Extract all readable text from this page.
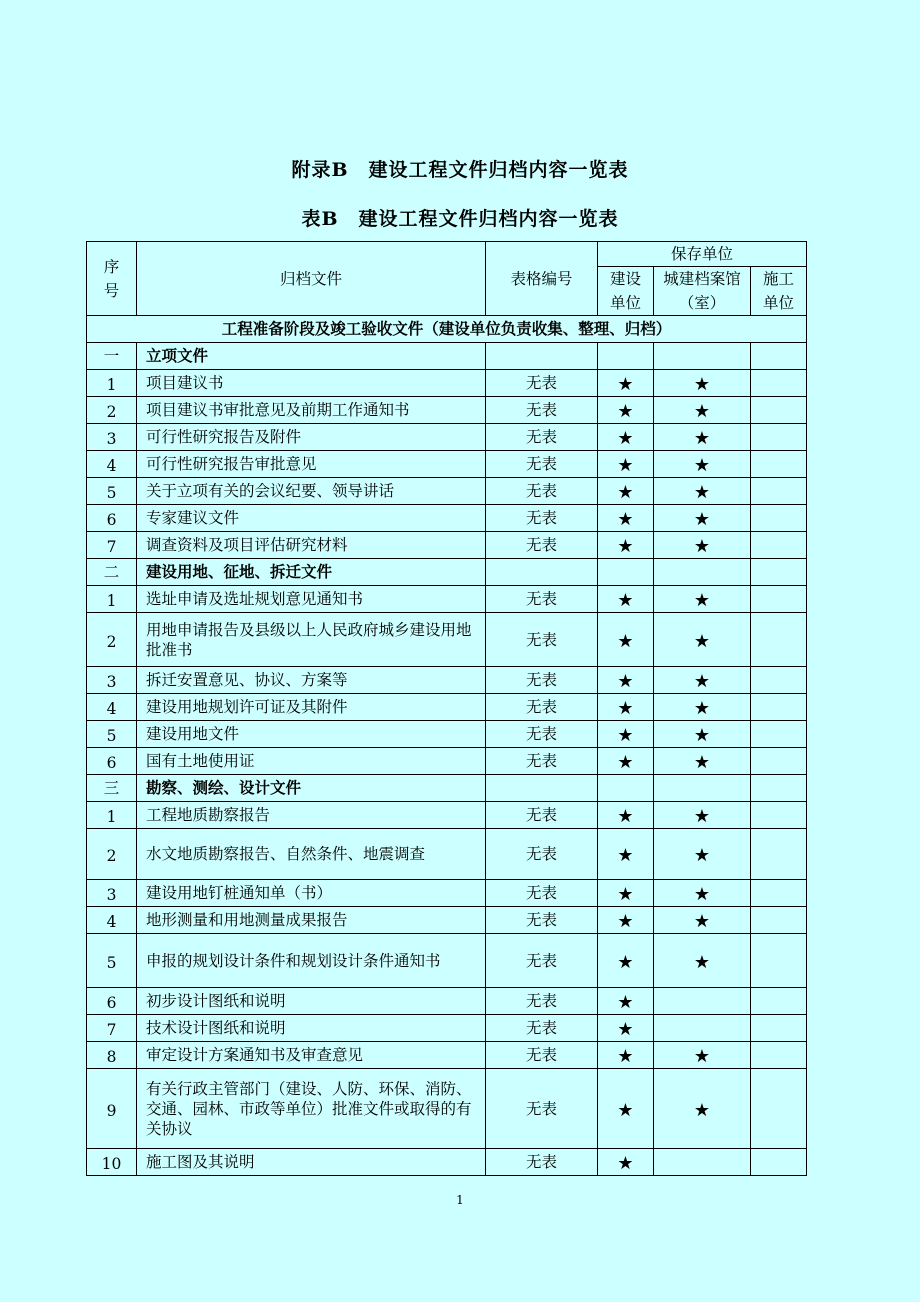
附录B　建设工程文件归档内容一览表
表B　建设工程文件归档内容一览表
序号	归档文件	表格编号	保存单位		
			建设单位	城建档案馆（室）	施工单位

工程准备阶段及竣工验收文件（建设单位负责收集、整理、归档）					
一	立项文件				
1	项目建议书	无表	★	★	
2	项目建议书审批意见及前期工作通知书	无表	★	★	
3	可行性研究报告及附件	无表	★	★	
4	可行性研究报告审批意见	无表	★	★	
5	关于立项有关的会议纪要、领导讲话	无表	★	★	
6	专家建议文件	无表	★	★	
7	调查资料及项目评估研究材料	无表	★	★	
二	建设用地、征地、拆迁文件				
1	选址申请及选址规划意见通知书	无表	★	★	
2	用地申请报告及县级以上人民政府城乡建设用地批准书	无表	★	★	
3	拆迁安置意见、协议、方案等	无表	★	★	
4	建设用地规划许可证及其附件	无表	★	★	
5	建设用地文件	无表	★	★	
6	国有土地使用证	无表	★	★	
三	勘察、测绘、设计文件				
1	工程地质勘察报告	无表	★	★	
2	水文地质勘察报告、自然条件、地震调查	无表	★	★	
3	建设用地钉桩通知单（书）	无表	★	★	
4	地形测量和用地测量成果报告	无表	★	★	
5	申报的规划设计条件和规划设计条件通知书	无表	★	★	
6	初步设计图纸和说明	无表	★		
7	技术设计图纸和说明	无表	★		
8	审定设计方案通知书及审查意见	无表	★	★	
9	有关行政主管部门（建设、人防、环保、消防、交通、园林、市政等单位）批准文件或取得的有关协议	无表	★	★	
10	施工图及其说明	无表	★		
1
